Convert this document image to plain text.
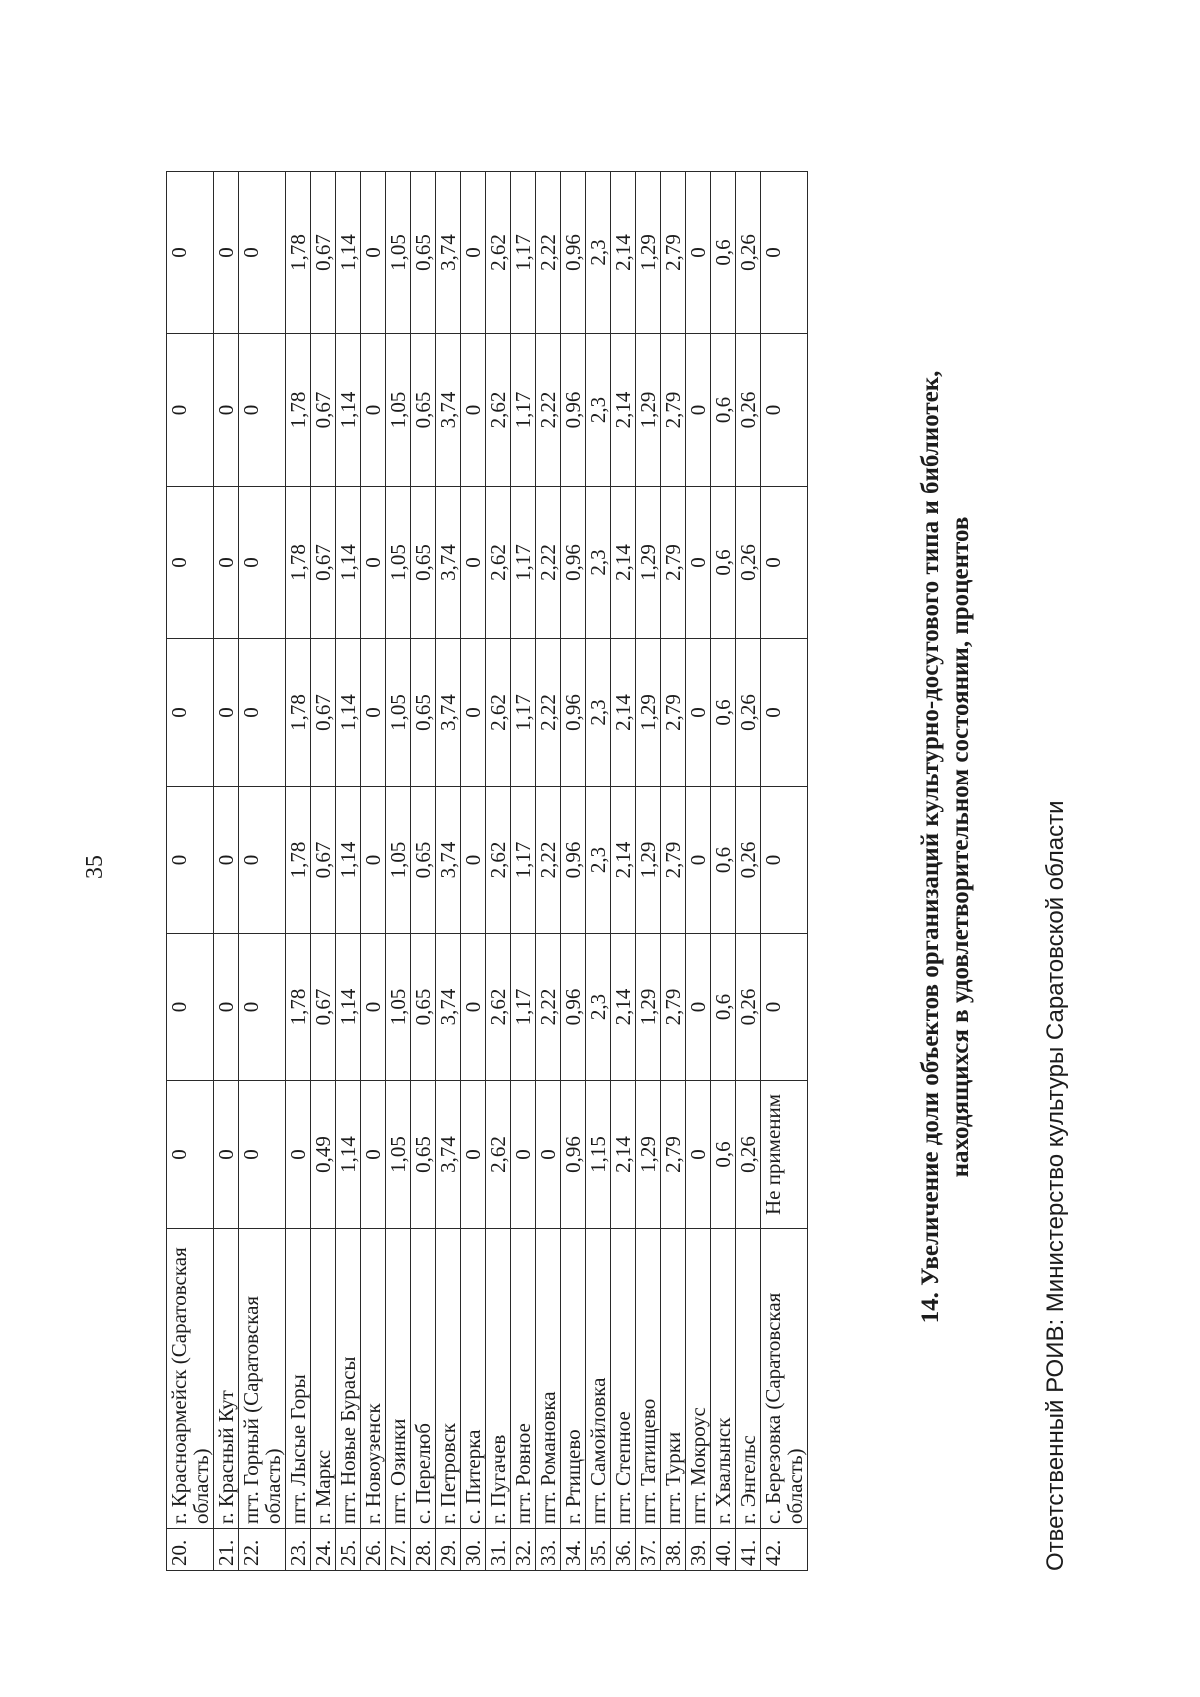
35
20.	г. Красноармейск (Саратовская область)	0	0	0	0	0	0	0
21.	г. Красный Кут	0	0	0	0	0	0	0
22.	пгт. Горный (Саратовская область)	0	0	0	0	0	0	0
23.	пгт. Лысые Горы	0	1,78	1,78	1,78	1,78	1,78	1,78
24.	г. Маркс	0,49	0,67	0,67	0,67	0,67	0,67	0,67
25.	пгт. Новые Бурасы	1,14	1,14	1,14	1,14	1,14	1,14	1,14
26.	г. Новоузенск	0	0	0	0	0	0	0
27.	пгт. Озинки	1,05	1,05	1,05	1,05	1,05	1,05	1,05
28.	с. Перелюб	0,65	0,65	0,65	0,65	0,65	0,65	0,65
29.	г. Петровск	3,74	3,74	3,74	3,74	3,74	3,74	3,74
30.	с. Питерка	0	0	0	0	0	0	0
31.	г. Пугачев	2,62	2,62	2,62	2,62	2,62	2,62	2,62
32.	пгт. Ровное	0	1,17	1,17	1,17	1,17	1,17	1,17
33.	пгт. Романовка	0	2,22	2,22	2,22	2,22	2,22	2,22
34.	г. Ртищево	0,96	0,96	0,96	0,96	0,96	0,96	0,96
35.	пгт. Самойловка	1,15	2,3	2,3	2,3	2,3	2,3	2,3
36.	пгт. Степное	2,14	2,14	2,14	2,14	2,14	2,14	2,14
37.	пгт. Татищево	1,29	1,29	1,29	1,29	1,29	1,29	1,29
38.	пгт. Турки	2,79	2,79	2,79	2,79	2,79	2,79	2,79
39.	пгт. Мокроус	0	0	0	0	0	0	0
40.	г. Хвалынск	0,6	0,6	0,6	0,6	0,6	0,6	0,6
41.	г. Энгельс	0,26	0,26	0,26	0,26	0,26	0,26	0,26
42.	с. Березовка (Саратовская область)	Не применим	0	0	0	0	0	0
14. Увеличение доли объектов организаций культурно-досугового типа и библиотек, находящихся в удовлетворительном состоянии, процентов	Ответственный РОИВ: Министерство культуры Саратовской области
